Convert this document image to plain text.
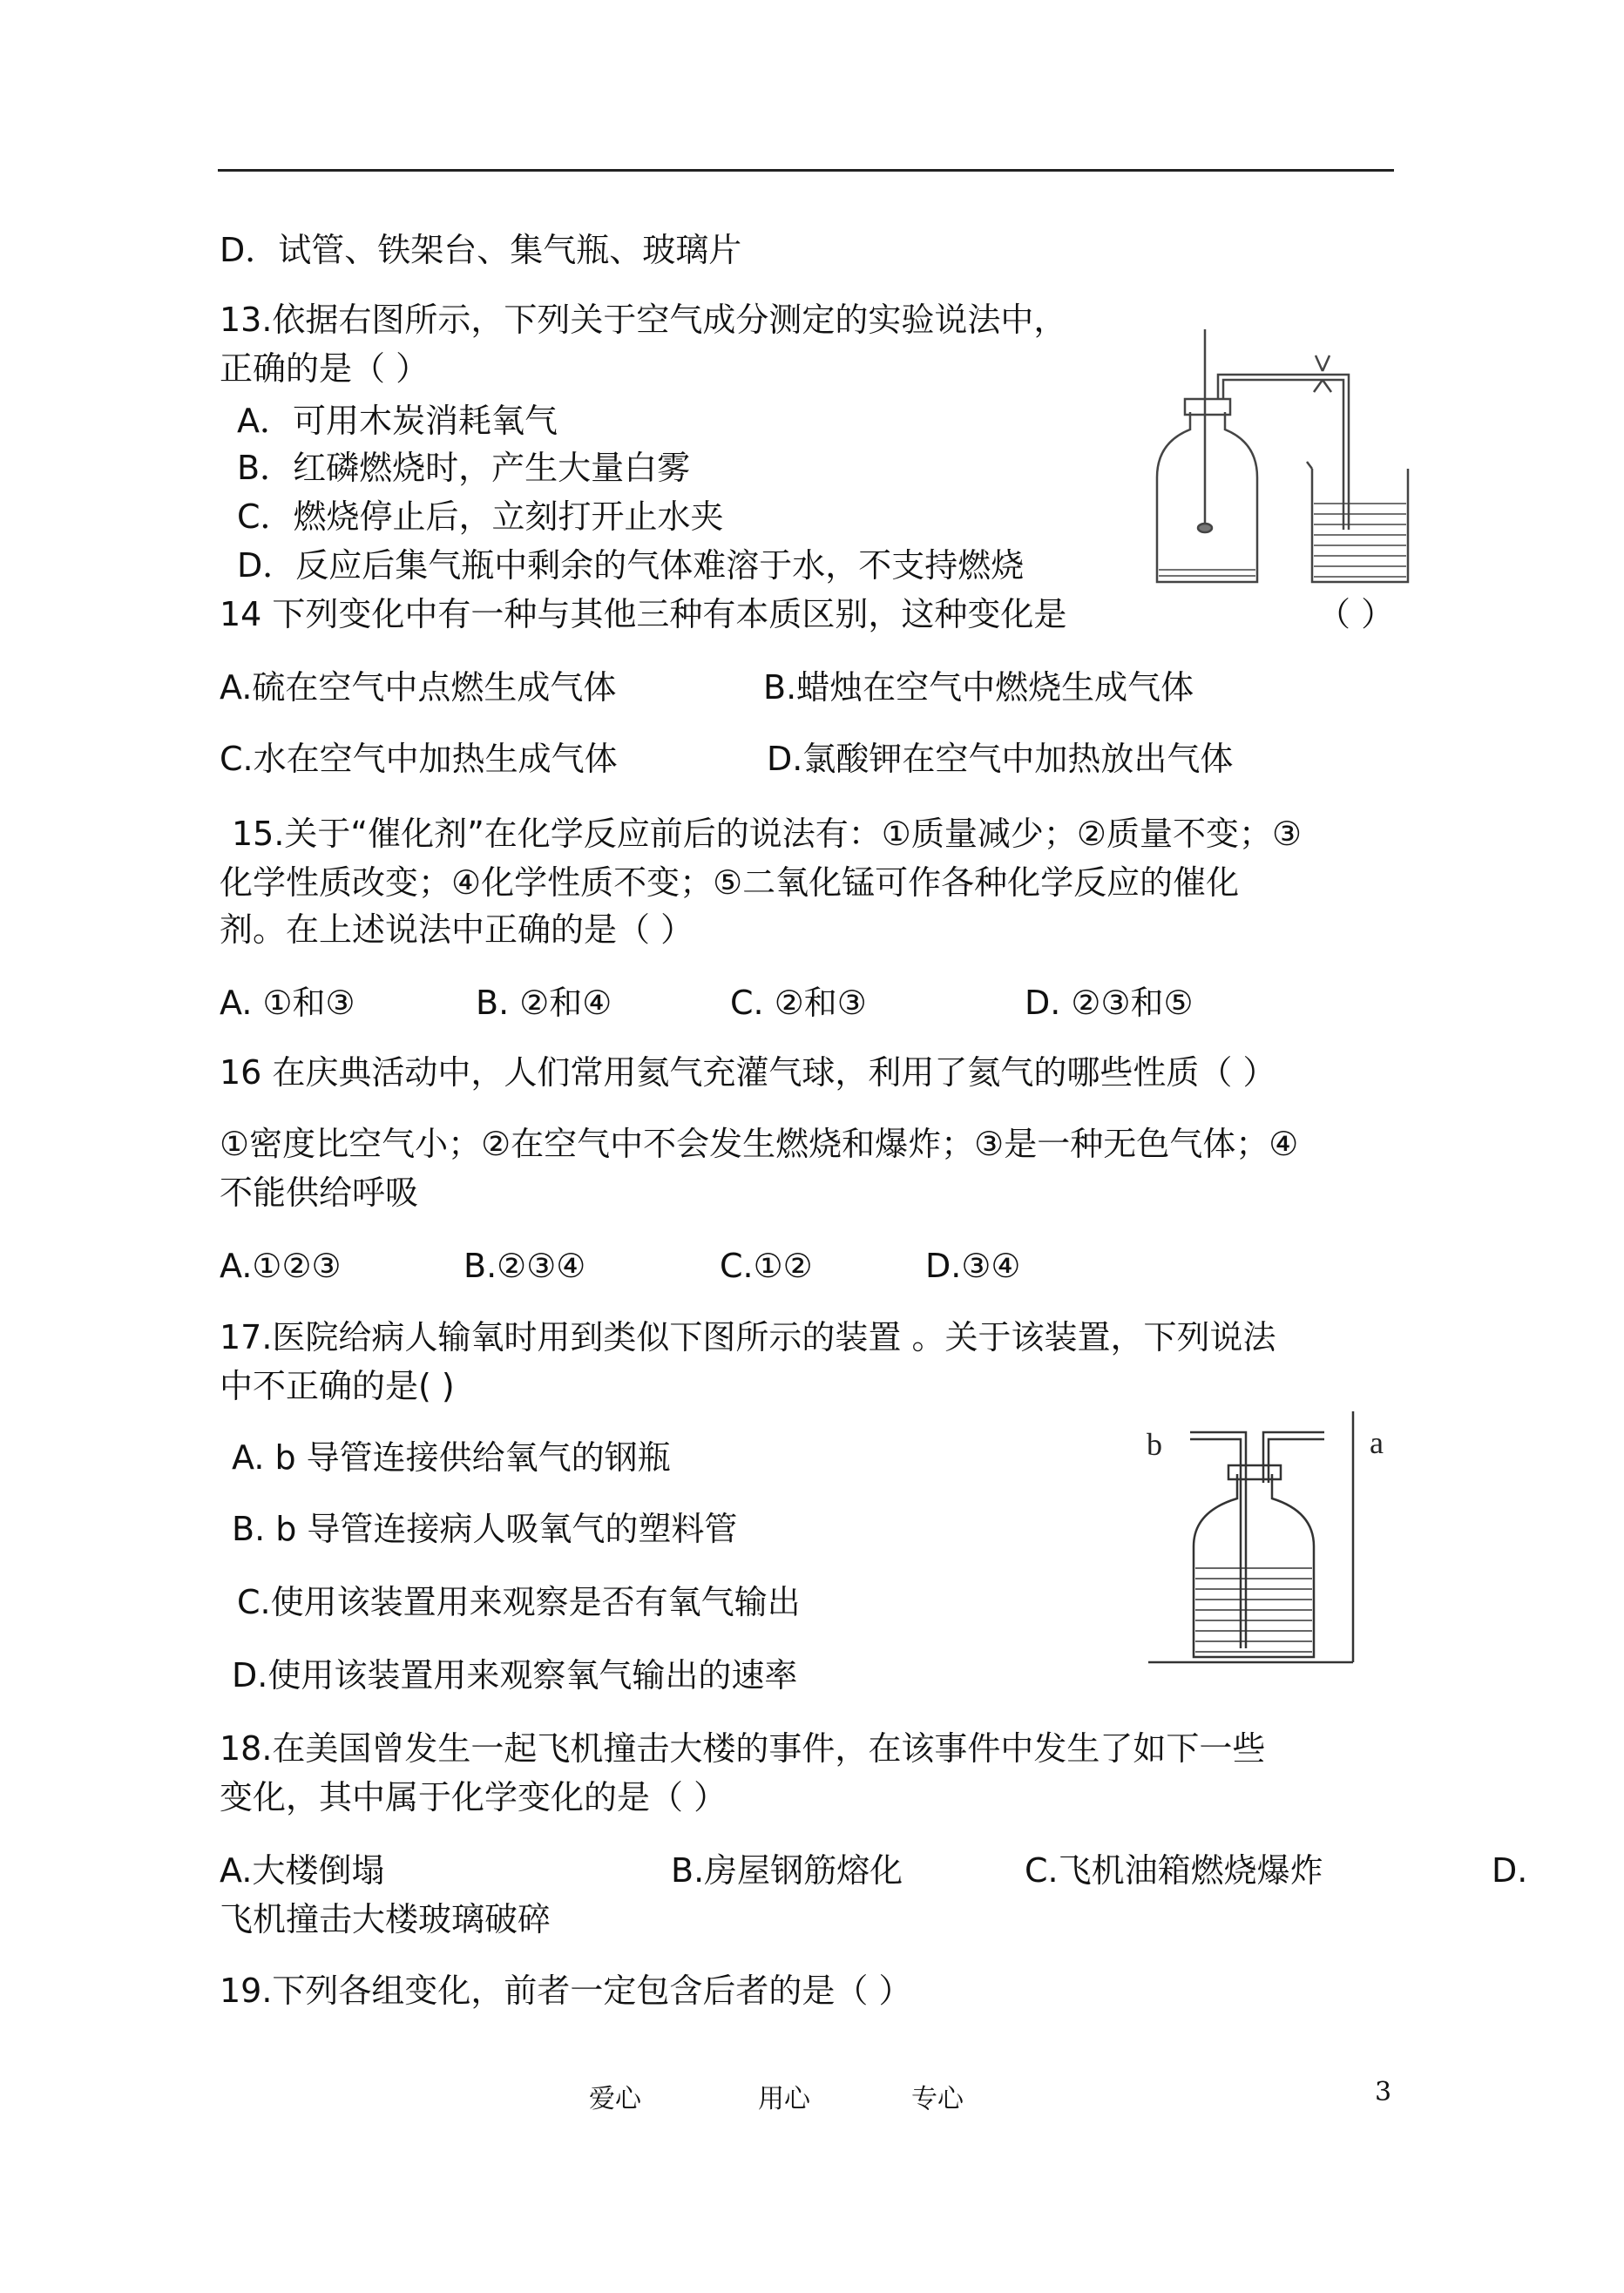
D．试管、铁架台、集气瓶、玻璃片
13.依据右图所示，下列关于空气成分测定的实验说法中，
正确的是（ ）
A．可用木炭消耗氧气
B．红磷燃烧时，产生大量白雾
C．燃烧停止后，立刻打开止水夹
D．反应后集气瓶中剩余的气体难溶于水，不支持燃烧
14 下列变化中有一种与其他三种有本质区别，这种变化是	（ ）
A.硫在空气中点燃生成气体	B.蜡烛在空气中燃烧生成气体
C.水在空气中加热生成气体	D.氯酸钾在空气中加热放出气体
15.关于“催化剂”在化学反应前后的说法有：①质量减少；②质量不变；③
化学性质改变；④化学性质不变；⑤二氧化锰可作各种化学反应的催化
剂。在上述说法中正确的是（ ）
A. ①和③	B. ②和④	C. ②和③	D. ②③和⑤
16 在庆典活动中，人们常用氦气充灌气球，利用了氦气的哪些性质（ ）
①密度比空气小；②在空气中不会发生燃烧和爆炸；③是一种无色气体；④
不能供给呼吸
A.①②③	B.②③④	C.①②	D.③④
17.医院给病人输氧时用到类似下图所示的装置 。关于该装置，下列说法
中不正确的是( )
A. b 导管连接供给氧气的钢瓶
B. b 导管连接病人吸氧气的塑料管
C.使用该装置用来观察是否有氧气输出
D.使用该装置用来观察氧气输出的速率
b	a
18.在美国曾发生一起飞机撞击大楼的事件，在该事件中发生了如下一些
变化，其中属于化学变化的是（ ）
A.大楼倒塌	B.房屋钢筋熔化	C.飞机油箱燃烧爆炸	D.
飞机撞击大楼玻璃破碎
19.下列各组变化，前者一定包含后者的是（ ）
爱心	用心	专心	3
